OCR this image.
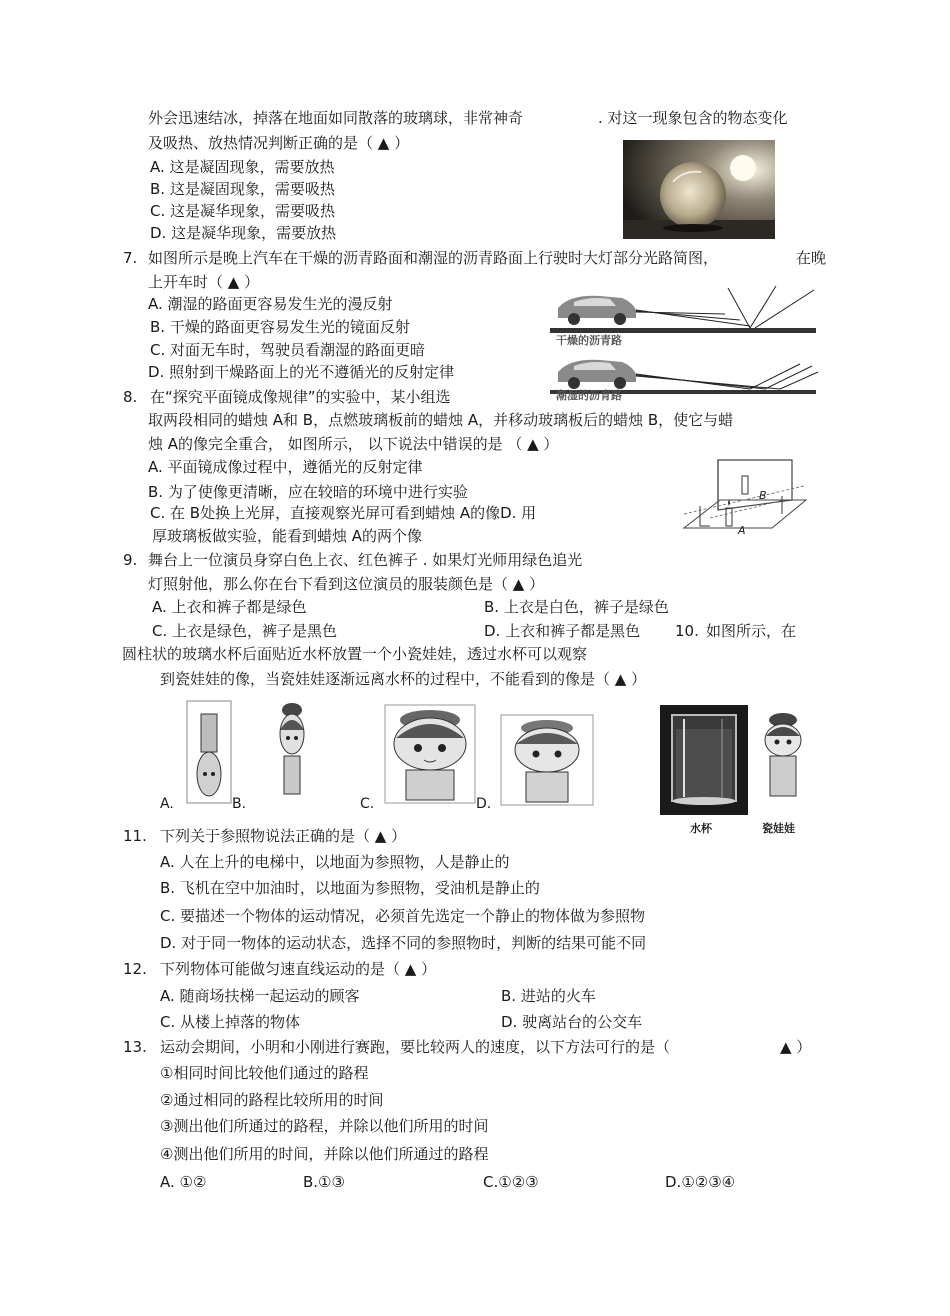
外会迅速结冰，掉落在地面如同散落的玻璃球，非常神奇	. 对这一现象包含的物态变化
及吸热、放热情况判断正确的是（ ▲ ）
A. 这是凝固现象，需要放热
B. 这是凝固现象，需要吸热
C. 这是凝华现象，需要吸热
D. 这是凝华现象，需要放热
7. 如图所示是晚上汽车在干燥的沥青路面和潮湿的沥青路面上行驶时大灯部分光路简图，	在晚
上开车时（ ▲ ）
A. 潮湿的路面更容易发生光的漫反射
B. 干燥的路面更容易发生光的镜面反射
C. 对面无车时，驾驶员看潮湿的路面更暗
D. 照射到干燥路面上的光不遵循光的反射定律
干燥的沥青路
潮湿的沥青路
8. 在“探究平面镜成像规律”的实验中，某小组选
取两段相同的蜡烛 A和 B，点燃玻璃板前的蜡烛 A，并移动玻璃板后的蜡烛 B，使它与蜡
烛 A的像完全重合， 如图所示， 以下说法中错误的是 （ ▲ ）
A. 平面镜成像过程中，遵循光的反射定律
B. 为了使像更清晰，应在较暗的环境中进行实验
C. 在 B处换上光屏，直接观察光屏可看到蜡烛 A的像D. 用
厚玻璃板做实验，能看到蜡烛 A的两个像
B
A
9. 舞台上一位演员身穿白色上衣、红色裤子 . 如果灯光师用绿色追光
灯照射他，那么你在台下看到这位演员的服装颜色是（ ▲ ）
A. 上衣和裤子都是绿色	B. 上衣是白色，裤子是绿色
C. 上衣是绿色，裤子是黑色	D. 上衣和裤子都是黑色 10. 如图所示，在
圆柱状的玻璃水杯后面贴近水杯放置一个小瓷娃娃，透过水杯可以观察
到瓷娃娃的像，当瓷娃娃逐渐远离水杯的过程中，不能看到的像是（ ▲ ）
A.	B.	C.	D.
水杯	瓷娃娃
11. 下列关于参照物说法正确的是（ ▲ ）
A. 人在上升的电梯中，以地面为参照物，人是静止的
B. 飞机在空中加油时，以地面为参照物，受油机是静止的
C. 要描述一个物体的运动情况，必须首先选定一个静止的物体做为参照物
D. 对于同一物体的运动状态，选择不同的参照物时，判断的结果可能不同
12. 下列物体可能做匀速直线运动的是（ ▲ ）
A. 随商场扶梯一起运动的顾客	B. 进站的火车
C. 从楼上掉落的物体	D. 驶离站台的公交车
13. 运动会期间，小明和小刚进行赛跑，要比较两人的速度，以下方法可行的是（	▲ ）
①相同时间比较他们通过的路程
②通过相同的路程比较所用的时间
③测出他们所通过的路程，并除以他们所用的时间
④测出他们所用的时间，并除以他们所通过的路程
A. ①②	B.①③	C.①②③	D.①②③④
